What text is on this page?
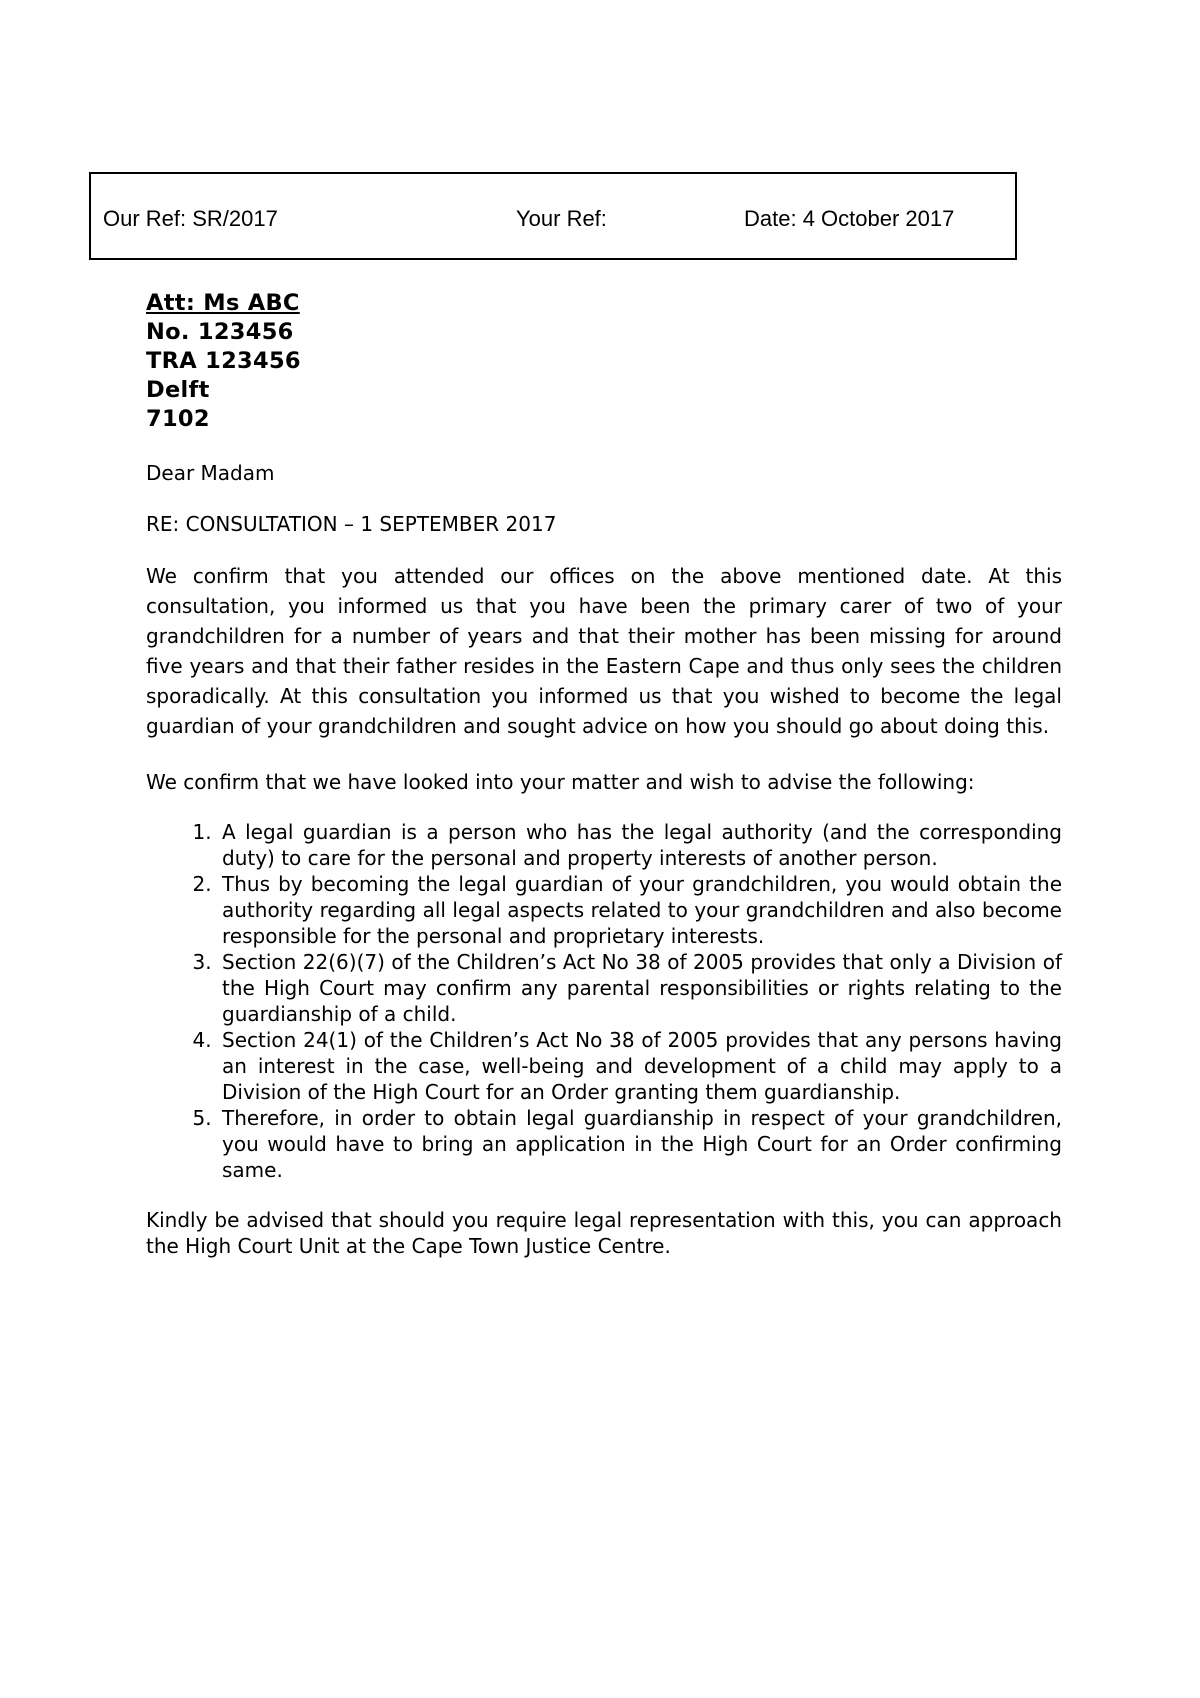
Our Ref: SR/2017	Your Ref:	Date: 4 October 2017
Att: Ms ABC
No. 123456
TRA 123456
Delft
7102
Dear Madam
RE: CONSULTATION – 1 SEPTEMBER 2017
We confirm that you attended our offices on the above mentioned date. At this consultation, you informed us that you have been the primary carer of two of your grandchildren for a number of years and that their mother has been missing for around five years and that their father resides in the Eastern Cape and thus only sees the children sporadically. At this consultation you informed us that you wished to become the legal guardian of your grandchildren and sought advice on how you should go about doing this.
We confirm that we have looked into your matter and wish to advise the following:
1. A legal guardian is a person who has the legal authority (and the corresponding duty) to care for the personal and property interests of another person.
2. Thus by becoming the legal guardian of your grandchildren, you would obtain the authority regarding all legal aspects related to your grandchildren and also become responsible for the personal and proprietary interests.
3. Section 22(6)(7) of the Children’s Act No 38 of 2005 provides that only a Division of the High Court may confirm any parental responsibilities or rights relating to the guardianship of a child.
4. Section 24(1) of the Children’s Act No 38 of 2005 provides that any persons having an interest in the case, well-being and development of a child may apply to a Division of the High Court for an Order granting them guardianship.
5. Therefore, in order to obtain legal guardianship in respect of your grandchildren, you would have to bring an application in the High Court for an Order confirming same.
Kindly be advised that should you require legal representation with this, you can approach the High Court Unit at the Cape Town Justice Centre.
